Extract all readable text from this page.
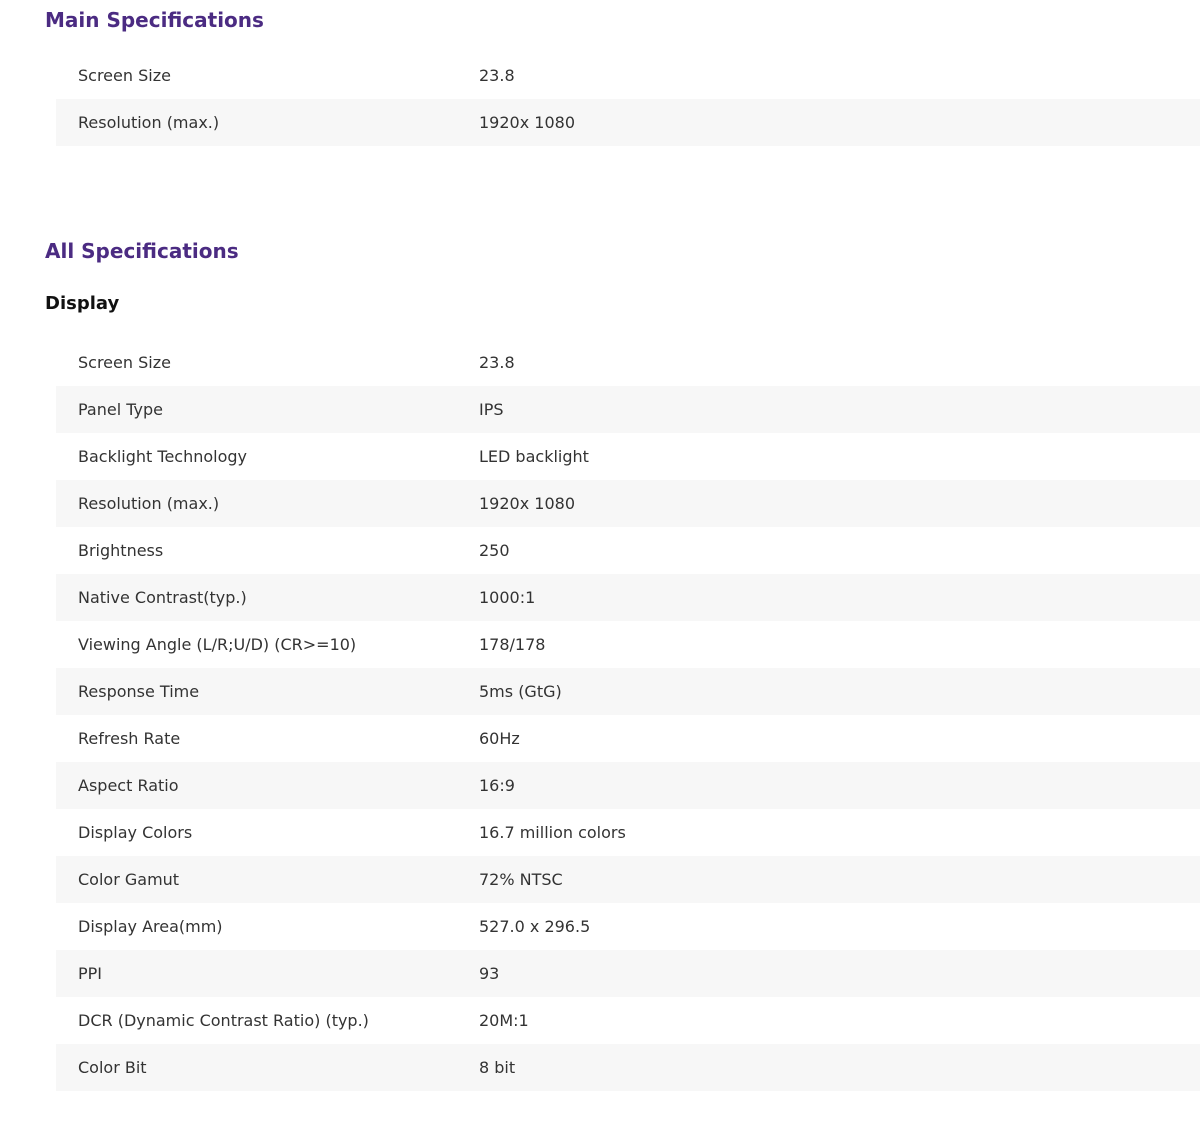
Main Specifications
Screen Size	23.8
Resolution (max.)	1920x 1080
All Specifications
Display
Screen Size	23.8
Panel Type	IPS
Backlight Technology	LED backlight
Resolution (max.)	1920x 1080
Brightness	250
Native Contrast(typ.)	1000:1
Viewing Angle (L/R;U/D) (CR>=10)	178/178
Response Time	5ms (GtG)
Refresh Rate	60Hz
Aspect Ratio	16:9
Display Colors	16.7 million colors
Color Gamut	72% NTSC
Display Area(mm)	527.0 x 296.5
PPI	93
DCR (Dynamic Contrast Ratio) (typ.)	20M:1
Color Bit	8 bit
